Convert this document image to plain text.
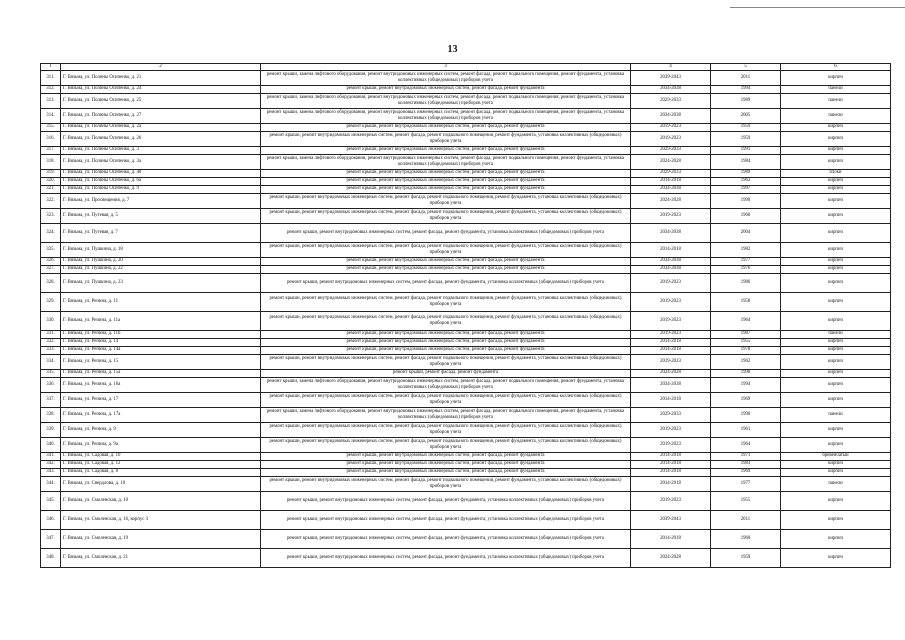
13
1	2	3	4	5	6
311.	Г. Вязьма, ул. Полины Осипенко, д. 21	ремонт крыши, замена лифтового оборудования, ремонт внутридомовых инженерных систем, ремонт фасада, ремонт подвального помещения, ремонт фундамента, установка коллективных (общедомовых) приборов учета	2039-2043	2011	кирпич
312.	Г. Вязьма, ул. Полины Осипенко, д. 24	ремонт крыши, ремонт внутридомовых инженерных систем, ремонт фасада, ремонт фундамента	2034-2038	1994	панели
313.	Г. Вязьма, ул. Полины Осипенко, д. 25	ремонт крыши, замена лифтового оборудования, ремонт внутридомовых инженерных систем, ремонт фасада, ремонт подвального помещения, ремонт фундамента, установка коллективных (общедомовых) приборов учета	2029-2033	1989	панели
314.	Г. Вязьма, ул. Полины Осипенко, д. 27	ремонт крыши, замена лифтового оборудования, ремонт внутридомовых инженерных систем, ремонт фасада, ремонт подвального помещения, ремонт фундамента, установка коллективных (общедомовых) приборов учета	2034-2038	2005	панели
315.	Г. Вязьма, ул. Полины Осипенко, д. 2а	ремонт крыши, ремонт внутридомовых инженерных систем, ремонт фасада, ремонт фундамента	2019-2023	1959	кирпич
316.	Г. Вязьма, ул. Полины Осипенко, д. 26	ремонт крыши, ремонт внутридомовых инженерных систем, ремонт фасада, ремонт подвального помещения, ремонт фундамента, установка коллективных (общедомовых) приборов учета	2019-2023	1959	кирпич
317.	Г. Вязьма, ул. Полины Осипенко, д. 3	ремонт крыши, ремонт внутридомовых инженерных систем, ремонт фасада, ремонт фундамента	2029-2033	1991	кирпич
318.	Г. Вязьма, ул. Полины Осипенко, д. 3а	ремонт крыши, замена лифтового оборудования, ремонт внутридомовых инженерных систем, ремонт фасада, ремонт подвального помещения, ремонт фундамента, установка коллективных (общедомовых) приборов учета	2024-2028	1984	кирпич
319.	Г. Вязьма, ул. Полины Осипенко, д. 40	ремонт крыши, ремонт внутридомовых инженерных систем, ремонт фасада, ремонт фундамента	2029-2033	1989	блоки
320.	Г. Вязьма, ул. Полины Осипенко, д. 6а	ремонт крыши, ремонт внутридомовых инженерных систем, ремонт фасада, ремонт фундамента	2014-2018	1963	кирпич
321.	Г. Вязьма, ул. Полины Осипенко, д. 9	ремонт крыши, ремонт внутридомовых инженерных систем, ремонт фасада, ремонт фундамента	2034-2038	1997	кирпич
322.	Г. Вязьма, ул. Просвещения, д. 7	ремонт крыши, ремонт внутридомовых инженерных систем, ремонт фасада, ремонт подвального помещения, ремонт фундамента, установка коллективных (общедомовых) приборов учета	2024-2028	1990	кирпич
323.	Г. Вязьма, ул. Путевая, д. 5	ремонт крыши, ремонт внутридомовых инженерных систем, ремонт фасада, ремонт подвального помещения, ремонт фундамента, установка коллективных (общедомовых) приборов учета	2019-2023	1968	кирпич
324.	Г. Вязьма, ул. Путевая, д. 7	ремонт крыши, ремонт внутридомовых инженерных систем, ремонт фасада, ремонт фундамента, установка коллективных (общедомовых) приборов учета	2034-2038	2004	кирпич
325.	Г. Вязьма, ул. Пушкина, д. 18	ремонт крыши, ремонт внутридомовых инженерных систем, ремонт фасада, ремонт подвального помещения, ремонт фундамента, установка коллективных (общедомовых) приборов учета	2014-2018	1982	кирпич
326.	Г. Вязьма, ул. Пушкина, д. 20	ремонт крыши, ремонт внутридомовых инженерных систем, ремонт фасада, ремонт фундамента	2034-2038	1977	кирпич
327.	Г. Вязьма, ул. Пушкина, д. 22	ремонт крыши, ремонт внутридомовых инженерных систем, ремонт фасада, ремонт фундамента	2034-2038	1976	кирпич
328.	Г. Вязьма, ул. Пушкина, д. 23	ремонт крыши, ремонт внутридомовых инженерных систем, ремонт фасада, ремонт фундамента, установка коллективных (общедомовых) приборов учета	2019-2023	1986	кирпич
329.	Г. Вязьма, ул. Репина, д. 11	ремонт крыши, ремонт внутридомовых инженерных систем, ремонт фасада, ремонт подвального помещения, ремонт фундамента, установка коллективных (общедомовых) приборов учета	2019-2023	1958	кирпич
330.	Г. Вязьма, ул. Репина, д. 11а	ремонт крыши, ремонт внутридомовых инженерных систем, ремонт фасада, ремонт подвального помещения, ремонт фундамента, установка коллективных (общедомовых) приборов учета	2019-2023	1964	кирпич
331.	Г. Вязьма, ул. Репина, д. 11б	ремонт крыши, ремонт внутридомовых инженерных систем, ремонт фасада, ремонт фундамента	2019-2023	1987	панели
332.	Г. Вязьма, ул. Репина, д. 14	ремонт крыши, ремонт внутридомовых инженерных систем, ремонт фасада, ремонт фундамента	2014-2018	1955	кирпич
333.	Г. Вязьма, ул. Репина, д. 14а	ремонт крыши, ремонт внутридомовых инженерных систем, ремонт фасада, ремонт фундамента	2014-2018	1978	кирпич
334.	Г. Вязьма, ул. Репина, д. 15	ремонт крыши, ремонт внутридомовых инженерных систем, ремонт фасада, ремонт подвального помещения, ремонт фундамента, установка коллективных (общедомовых) приборов учета	2019-2023	1962	кирпич
335.	Г. Вязьма, ул. Репина, д. 15а	ремонт крыши, ремонт фасада, ремонт фундамента	2024-2028	1998	кирпич
336.	Г. Вязьма, ул. Репина, д. 16а	ремонт крыши, замена лифтового оборудования, ремонт внутридомовых инженерных систем, ремонт фасада, ремонт подвального помещения, ремонт фундамента, установка коллективных (общедомовых) приборов учета	2034-2038	1994	кирпич
337.	Г. Вязьма, ул. Репина, д. 17	ремонт крыши, ремонт внутридомовых инженерных систем, ремонт фасада, ремонт подвального помещения, ремонт фундамента, установка коллективных (общедомовых) приборов учета	2014-2018	1969	кирпич
338.	Г. Вязьма, ул. Репина, д. 17а	ремонт крыши, замена лифтового оборудования, ремонт внутридомовых инженерных систем, ремонт фасада, ремонт подвального помещения, ремонт фундамента, установка коллективных (общедомовых) приборов учета	2029-2033	1990	панели
339.	Г. Вязьма, ул. Репина, д. 9	ремонт крыши, ремонт внутридомовых инженерных систем, ремонт фасада, ремонт подвального помещения, ремонт фундамента, установка коллективных (общедомовых) приборов учета	2019-2023	1961	кирпич
340.	Г. Вязьма, ул. Репина, д. 9а	ремонт крыши, ремонт внутридомовых инженерных систем, ремонт фасада, ремонт подвального помещения, ремонт фундамента, установка коллективных (общедомовых) приборов учета	2019-2023	1964	кирпич
341.	Г. Вязьма, ул. Садовая, д. 10	ремонт крыши, ремонт внутридомовых инженерных систем, ремонт фасада, ремонт фундамента	2014-2018	1971	бревенчатый
342.	Г. Вязьма, ул. Садовая, д. 12	ремонт крыши, ремонт внутридомовых инженерных систем, ремонт фасада, ремонт фундамента	2014-2018	1983	кирпич
343.	Г. Вязьма, ул. Садовая, д. 8	ремонт крыши, ремонт внутридомовых инженерных систем, ремонт фасада, ремонт фундамента	2014-2018	1969	кирпич
344.	Г. Вязьма, ул. Свердлова, д. 10	ремонт крыши, ремонт внутридомовых инженерных систем, ремонт фасада, ремонт подвального помещения, ремонт фундамента, установка коллективных (общедомовых) приборов учета	2014-2018	1977	панели
345.	Г. Вязьма, ул. Смоленская, д. 10	ремонт крыши, ремонт внутридомовых инженерных систем, ремонт фасада, ремонт фундамента, установка коллективных (общедомовых) приборов учета	2019-2023	1955	кирпич
346.	Г. Вязьма, ул. Смоленская, д. 16, корпус 3	ремонт крыши, ремонт внутридомовых инженерных систем, ремонт фасада, ремонт фундамента, установка коллективных (общедомовых) приборов учета	2039-2043	2011	кирпич
347.	Г. Вязьма, ул. Смоленская, д. 19	ремонт крыши, ремонт внутридомовых инженерных систем, ремонт фасада, ремонт фундамента, установка коллективных (общедомовых) приборов учета	2014-2018	1960	кирпич
348.	Г. Вязьма, ул. Смоленская, д. 21	ремонт крыши, ремонт внутридомовых инженерных систем, ремонт фасада, ремонт фундамента, установка коллективных (общедомовых) приборов учета	2024-2028	1959	кирпич
